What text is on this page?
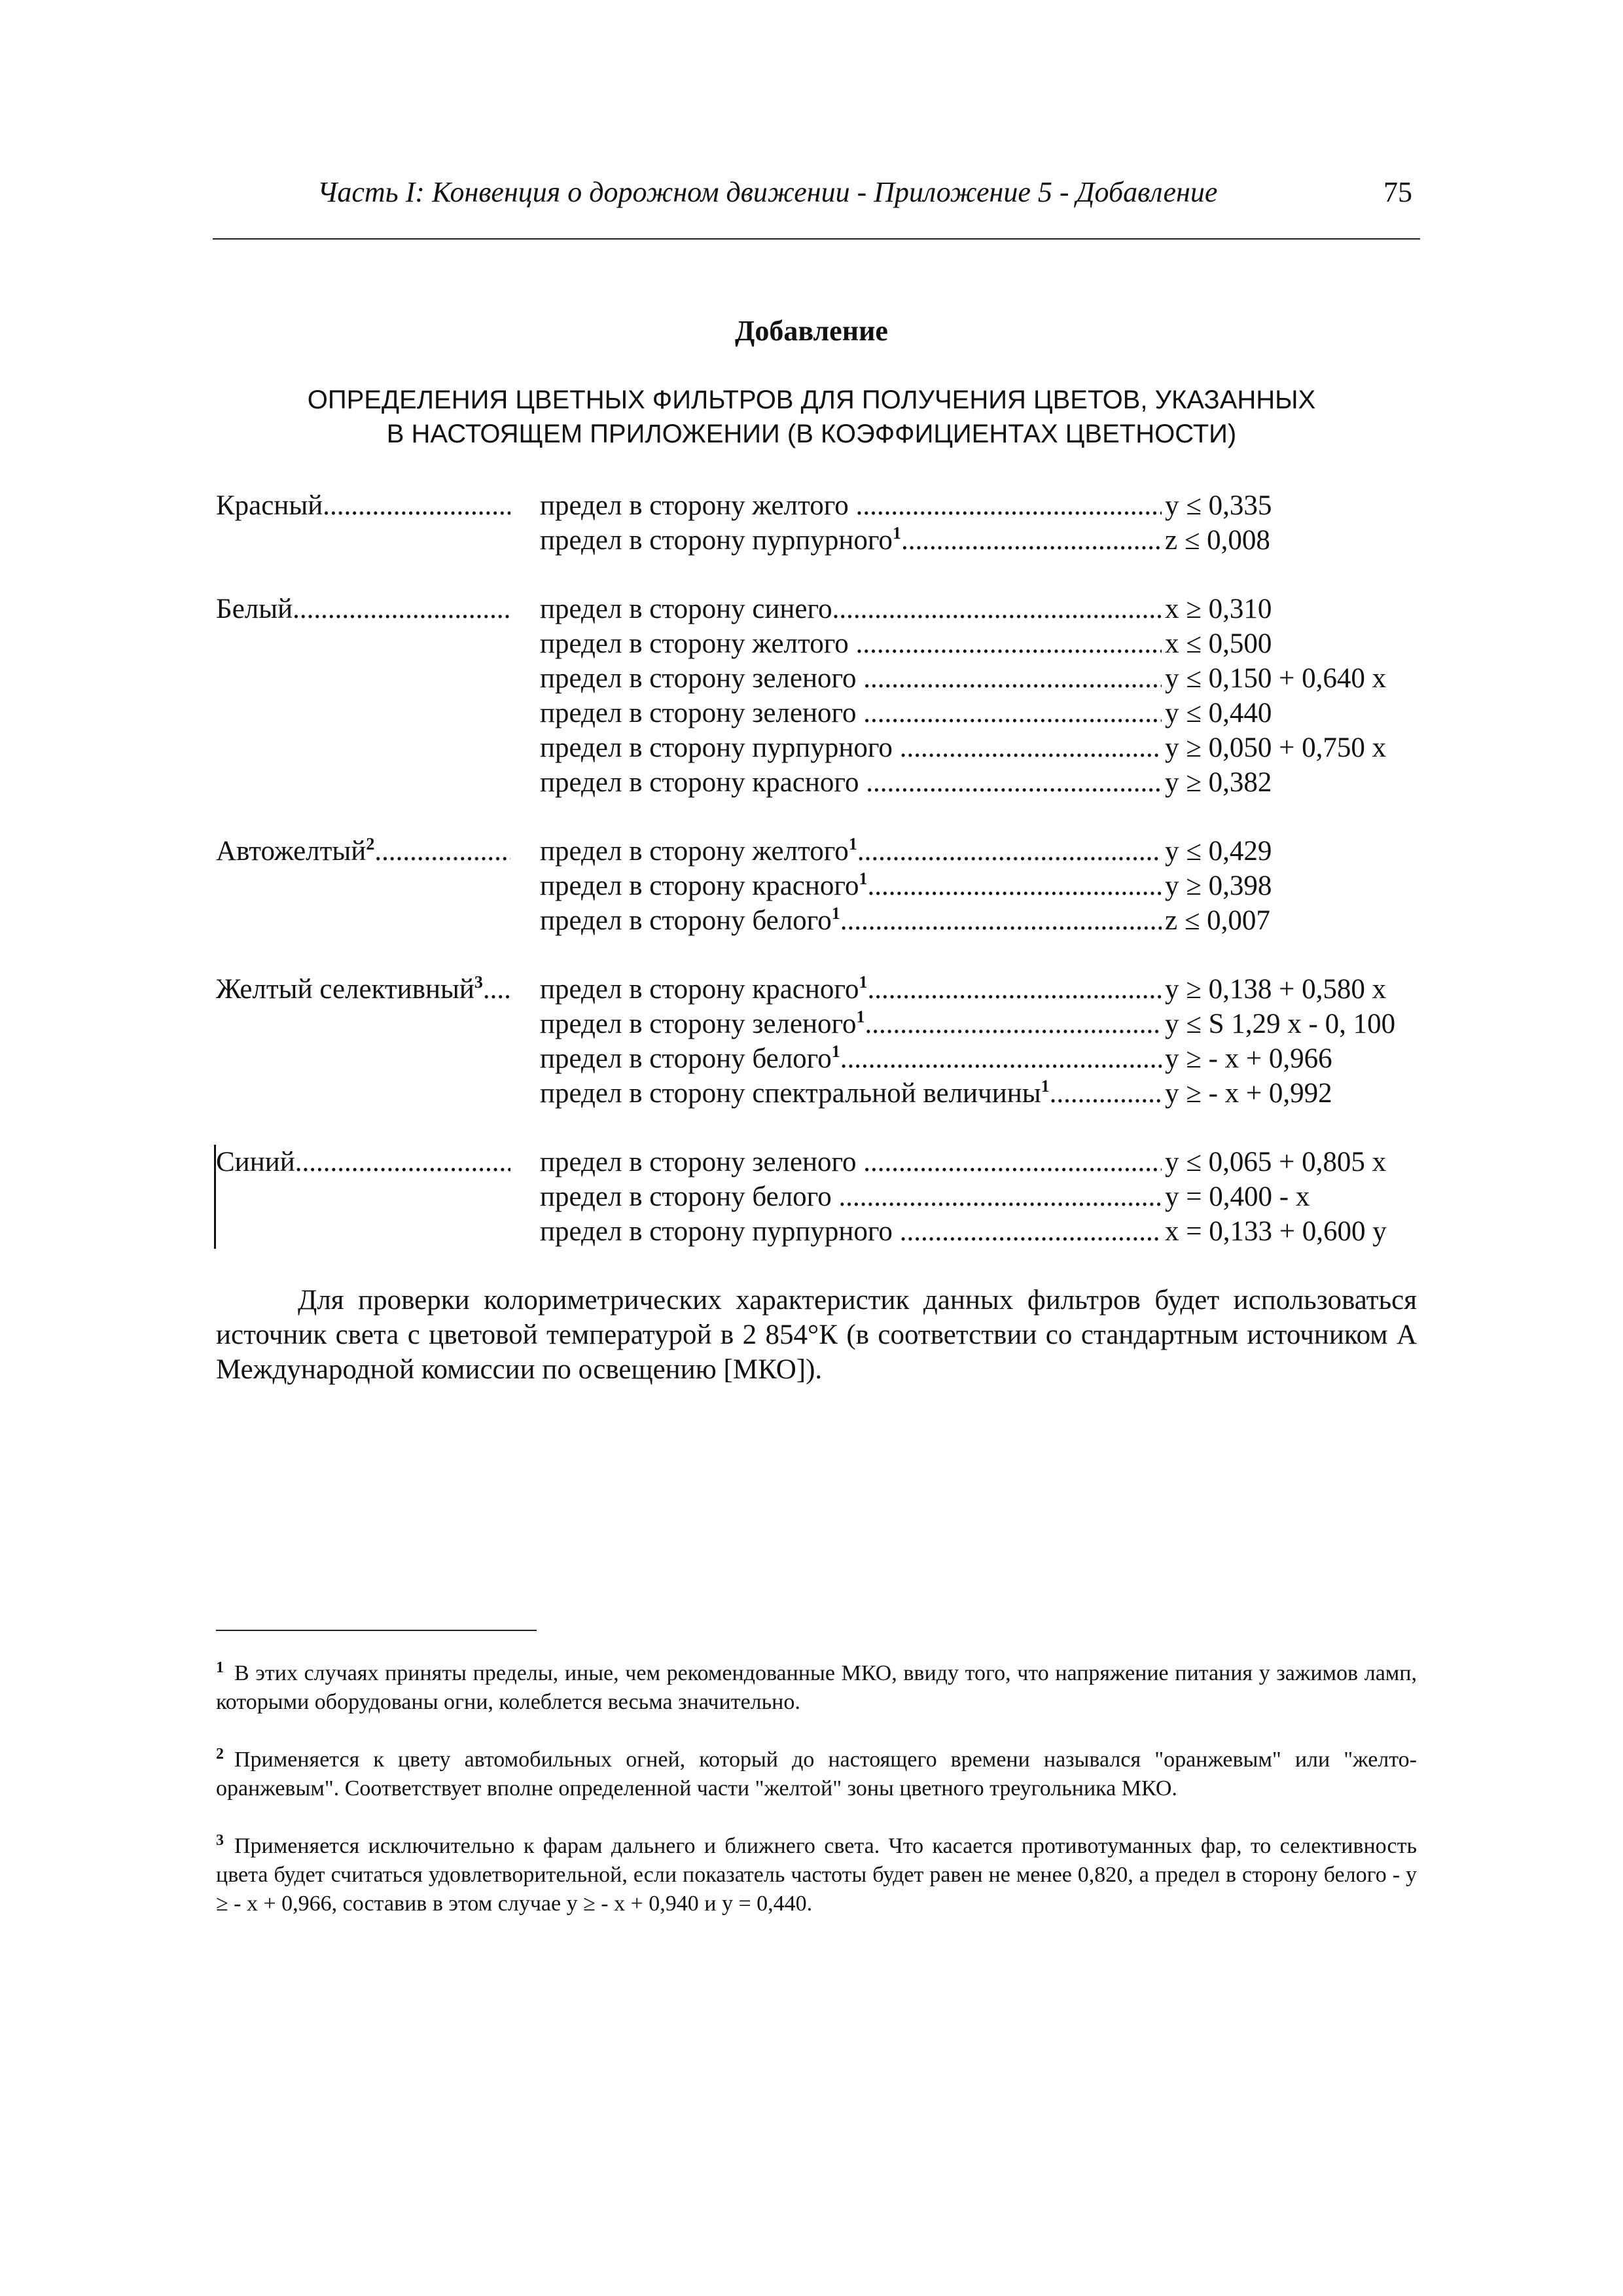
Часть I: Конвенция о дорожном движении - Приложение 5 - Добавление	75
Добавление
ОПРЕДЕЛЕНИЯ ЦВЕТНЫХ ФИЛЬТРОВ ДЛЯ ПОЛУЧЕНИЯ ЦВЕТОВ, УКАЗАННЫХ
В НАСТОЯЩЕМ ПРИЛОЖЕНИИ (В КОЭФФИЦИЕНТАХ ЦВЕТНОСТИ)
Красный .....	предел в сторону желтого .....	y ≤ 0,335
предел в сторону пурпурного$^1$ .....	z ≤ 0,008
Белый .....	предел в сторону синего .....	x ≥ 0,310
предел в сторону желтого .....	x ≤ 0,500
предел в сторону зеленого .....	y ≤ 0,150 + 0,640 x
предел в сторону зеленого .....	y ≤ 0,440
предел в сторону пурпурного .....	y ≥ 0,050 + 0,750 x
предел в сторону красного .....	y ≥ 0,382
Автожелтый$^2$ .....	предел в сторону желтого$^1$ .....	y ≤ 0,429
предел в сторону красного$^1$ .....	y ≥ 0,398
предел в сторону белого$^1$ .....	z ≤ 0,007
Желтый селективный$^3$ .....	предел в сторону красного$^1$ .....	y ≥ 0,138 + 0,580 x
предел в сторону зеленого$^1$ .....	y ≤ S 1,29 x - 0, 100
предел в сторону белого$^1$ .....	y ≥ - x + 0,966
предел в сторону спектральной величины$^1$ .....	y ≥ - x + 0,992
Синий .....	предел в сторону зеленого .....	y ≤ 0,065 + 0,805 x
предел в сторону белого .....	y = 0,400 - x
предел в сторону пурпурного .....	x = 0,133 + 0,600 y
Для проверки колориметрических характеристик данных фильтров будет использоваться источник света с цветовой температурой в 2 854°К (в соответствии со стандартным источником А Международной комиссии по освещению [МКО]).
$^1$ В этих случаях приняты пределы, иные, чем рекомендованные МКО, ввиду того, что напряжение питания у зажимов ламп, которыми оборудованы огни, колеблется весьма значительно.
$^2$ Применяется к цвету автомобильных огней, который до настоящего времени назывался "оранжевым" или "желто-оранжевым". Соответствует вполне определенной части "желтой" зоны цветного треугольника МКО.
$^3$ Применяется исключительно к фарам дальнего и ближнего света. Что касается противотуманных фар, то селективность цвета будет считаться удовлетворительной, если показатель частоты будет равен не менее 0,820, а предел в сторону белого - y ≥ - x + 0,966, составив в этом случае y ≥ - x + 0,940 и y = 0,440.
